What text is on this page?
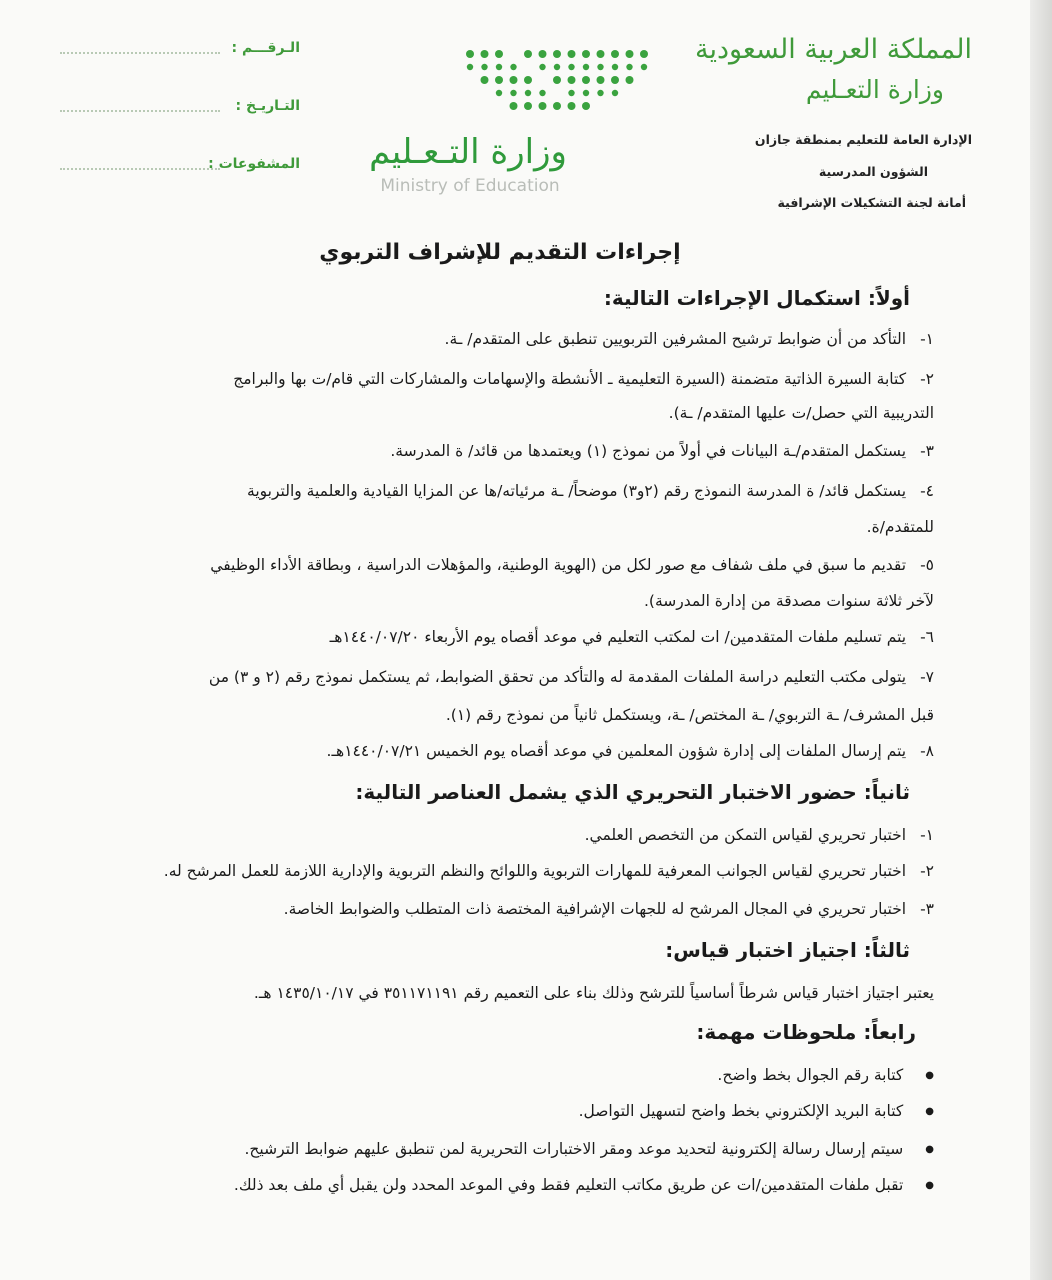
الـرقـــم :
التـاريـخ :
المشفوعات : وزارة التـعـليم
Ministry of Education
المملكة العربية السعودية
وزارة التعـليم
الإدارة العامة للتعليم بمنطقة جازان
الشؤون المدرسية
أمانة لجنة التشكيلات الإشرافية
إجراءات التقديم للإشراف التربوي
أولاً: استكمال الإجراءات التالية:
١-التأكد من أن ضوابط ترشيح المشرفين التربويين تنطبق على المتقدم/ ـة.
٢-كتابة السيرة الذاتية متضمنة (السيرة التعليمية ـ الأنشطة والإسهامات والمشاركات التي قام/ت بها والبرامج
التدريبية التي حصل/ت عليها المتقدم/ ـة).
٣-يستكمل المتقدم/ـة البيانات في أولاً من نموذج (١) ويعتمدها من قائد/ ة المدرسة.
٤-يستكمل قائد/ ة المدرسة النموذج رقم (٢و٣) موضحاً/ ـة مرئياته/ها عن المزايا القيادية والعلمية والتربوية
للمتقدم/ة.
٥-تقديم ما سبق في ملف شفاف مع صور لكل من (الهوية الوطنية، والمؤهلات الدراسية ، وبطاقة الأداء الوظيفي
لآخر ثلاثة سنوات مصدقة من إدارة المدرسة).
٦-يتم تسليم ملفات المتقدمين/ ات لمكتب التعليم في موعد أقصاه يوم الأربعاء ١٤٤٠/٠٧/٢٠هـ
٧-يتولى مكتب التعليم دراسة الملفات المقدمة له والتأكد من تحقق الضوابط، ثم يستكمل نموذج رقم (٢ و ٣) من
قبل المشرف/ ـة التربوي/ ـة المختص/ ـة، ويستكمل ثانياً من نموذج رقم (١).
٨-يتم إرسال الملفات إلى إدارة شؤون المعلمين في موعد أقصاه يوم الخميس ١٤٤٠/٠٧/٢١هـ.
ثانياً: حضور الاختبار التحريري الذي يشمل العناصر التالية:
١-اختبار تحريري لقياس التمكن من التخصص العلمي.
٢-اختبار تحريري لقياس الجوانب المعرفية للمهارات التربوية واللوائح والنظم التربوية والإدارية اللازمة للعمل المرشح له.
٣-اختبار تحريري في المجال المرشح له للجهات الإشرافية المختصة ذات المتطلب والضوابط الخاصة.
ثالثاً: اجتياز اختبار قياس:
يعتبر اجتياز اختبار قياس شرطاً أساسياً للترشح وذلك بناء على التعميم رقم ٣٥١١٧١١٩١ في ١٤٣٥/١٠/١٧ هـ.
رابعاً: ملحوظات مهمة:
● كتابة رقم الجوال بخط واضح.
● كتابة البريد الإلكتروني بخط واضح لتسهيل التواصل.
● سيتم إرسال رسالة إلكترونية لتحديد موعد ومقر الاختبارات التحريرية لمن تنطبق عليهم ضوابط الترشيح.
● تقبل ملفات المتقدمين/ات عن طريق مكاتب التعليم فقط وفي الموعد المحدد ولن يقبل أي ملف بعد ذلك.
